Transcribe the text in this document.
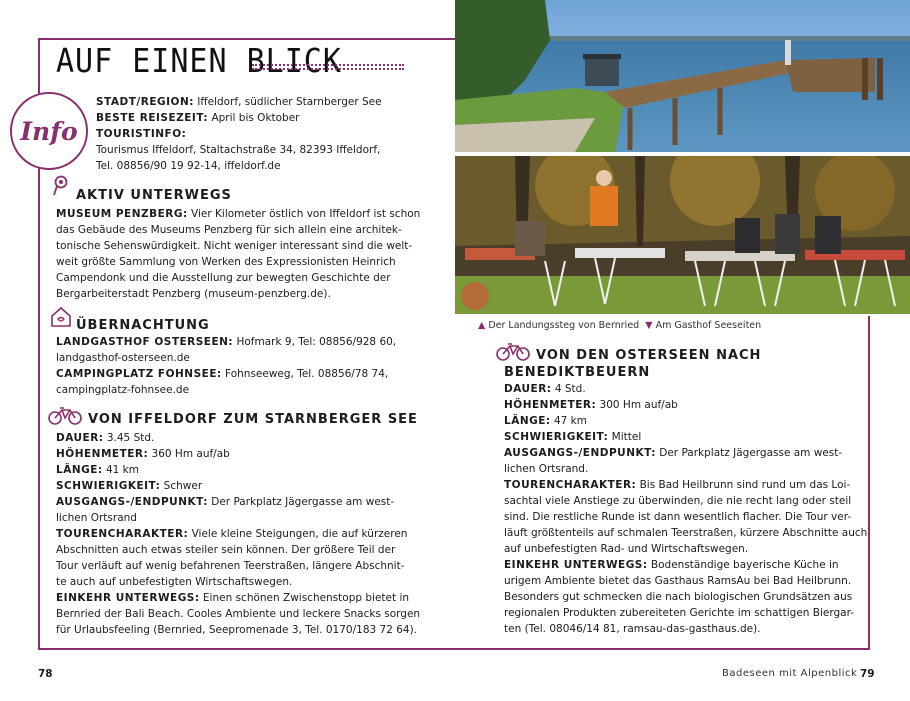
AUF EINEN BLICK
Info
STADT/REGION: Iffeldorf, südlicher Starnberger See
BESTE REISEZEIT: April bis Oktober
TOURISTINFO:
Tourismus Iffeldorf, Staltachstraße 34, 82393 Iffeldorf,
Tel. 08856/90 19 92-14, iffeldorf.de
AKTIV UNTERWEGS
MUSEUM PENZBERG: Vier Kilometer östlich von Iffeldorf ist schon
das Gebäude des Museums Penzberg für sich allein eine architek-
tonische Sehenswürdigkeit. Nicht weniger interessant sind die welt-
weit größte Sammlung von Werken des Expressionisten Heinrich
Campendonk und die Ausstellung zur bewegten Geschichte der
Bergarbeiterstadt Penzberg (museum-penzberg.de).
ÜBERNACHTUNG
LANDGASTHOF OSTERSEEN: Hofmark 9, Tel: 08856/928 60,
landgasthof-osterseen.de
CAMPINGPLATZ FOHNSEE: Fohnseeweg, Tel. 08856/78 74,
campingplatz-fohnsee.de
VON IFFELDORF ZUM STARNBERGER SEE
DAUER: 3.45 Std.
HÖHENMETER: 360 Hm auf/ab
LÄNGE: 41 km
SCHWIERIGKEIT: Schwer
AUSGANGS-/ENDPUNKT: Der Parkplatz Jägergasse am west-
lichen Ortsrand
TOURENCHARAKTER: Viele kleine Steigungen, die auf kürzeren
Abschnitten auch etwas steiler sein können. Der größere Teil der
Tour verläuft auf wenig befahrenen Teerstraßen, längere Abschnit-
te auch auf unbefestigten Wirtschaftswegen.
EINKEHR UNTERWEGS: Einen schönen Zwischenstopp bietet in
Bernried der Bali Beach. Cooles Ambiente und leckere Snacks sorgen
für Urlaubsfeeling (Bernried, Seepromenade 3, Tel. 0170/183 72 64).
▲ Der Landungssteg von Bernried ▼ Am Gasthof Seeseiten
VON DEN OSTERSEEN NACH
BENEDIKTBEUERN
DAUER: 4 Std.
HÖHENMETER: 300 Hm auf/ab
LÄNGE: 47 km
SCHWIERIGKEIT: Mittel
AUSGANGS-/ENDPUNKT: Der Parkplatz Jägergasse am west-
lichen Ortsrand.
TOURENCHARAKTER: Bis Bad Heilbrunn sind rund um das Loi-
sachtal viele Anstiege zu überwinden, die nie recht lang oder steil
sind. Die restliche Runde ist dann wesentlich flacher. Die Tour ver-
läuft größtenteils auf schmalen Teerstraßen, kürzere Abschnitte auch
auf unbefestigten Rad- und Wirtschaftswegen.
EINKEHR UNTERWEGS: Bodenständige bayerische Küche in
urigem Ambiente bietet das Gasthaus RamsAu bei Bad Heilbrunn.
Besonders gut schmecken die nach biologischen Grundsätzen aus
regionalen Produkten zubereiteten Gerichte im schattigen Biergar-
ten (Tel. 08046/14 81, ramsau-das-gasthaus.de).
78	Badeseen mit Alpenblick 79
